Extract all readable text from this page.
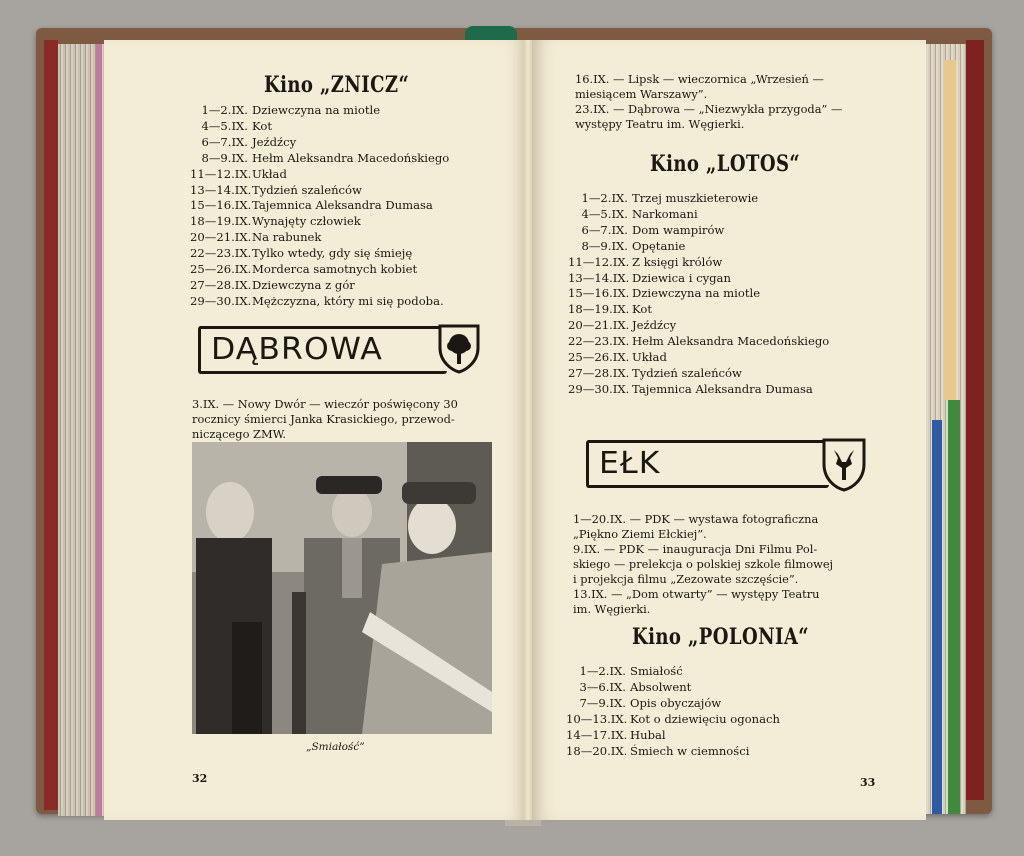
Kino „ZNICZ“
1—2.IX. Dziewczyna na miotle
4—5.IX. Kot
6—7.IX. Jeźdźcy
8—9.IX. Hełm Aleksandra Macedońskiego
11—12.IX.Układ
13—14.IX.Tydzień szaleńców
15—16.IX.Tajemnica Aleksandra Dumasa
18—19.IX.Wynajęty człowiek
20—21.IX.Na rabunek
22—23.IX.Tylko wtedy, gdy się śmieję
25—26.IX.Morderca samotnych kobiet
27—28.IX.Dziewczyna z gór
29—30.IX.Mężczyzna, który mi się podoba.
DĄBROWA
3.IX. — Nowy Dwór — wieczór poświęcony 30
rocznicy śmierci Janka Krasickiego, przewod-
niczącego ZMW.
„Smiałość”
32
16.IX. — Lipsk — wieczornica „Wrzesień —
miesiącem Warszawy”.
23.IX. — Dąbrowa — „Niezwykła przygoda” —
występy Teatru im. Węgierki.
Kino „LOTOS“
1—2.IX. Trzej muszkieterowie
4—5.IX. Narkomani
6—7.IX. Dom wampirów
8—9.IX. Opętanie
11—12.IX. Z księgi królów
13—14.IX. Dziewica i cygan
15—16.IX. Dziewczyna na miotle
18—19.IX. Kot
20—21.IX. Jeźdźcy
22—23.IX. Hełm Aleksandra Macedońskiego
25—26.IX. Układ
27—28.IX. Tydzień szaleńców
29—30.IX. Tajemnica Aleksandra Dumasa
EŁK
1—20.IX. — PDK — wystawa fotograficzna
„Piękno Ziemi Ełckiej”.
9.IX. — PDK — inauguracja Dni Filmu Pol-
skiego — prelekcja o polskiej szkole filmowej
i projekcja filmu „Zezowate szczęście”.
13.IX. — „Dom otwarty” — występy Teatru
im. Węgierki.
Kino „POLONIA“
1—2.IX. Smiałość
3—6.IX. Absolwent
7—9.IX. Opis obyczajów
10—13.IX. Kot o dziewięciu ogonach
14—17.IX. Hubal
18—20.IX. Śmiech w ciemności
33
